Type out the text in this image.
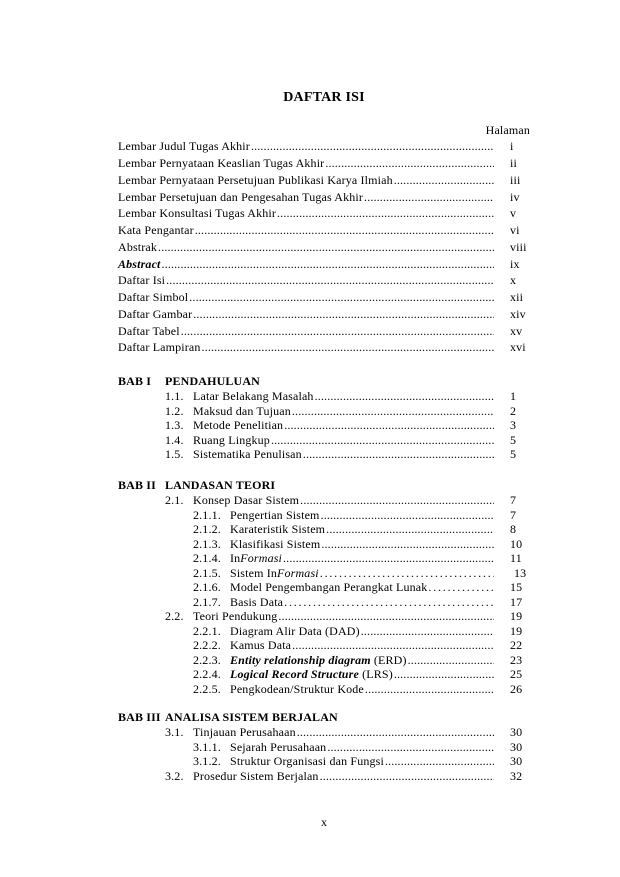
DAFTAR ISI
Halaman
Lembar Judul Tugas Akhir .....	i
Lembar Pernyataan Keaslian Tugas Akhir .....	ii
Lembar Pernyataan Persetujuan Publikasi Karya Ilmiah .....	iii
Lembar Persetujuan dan Pengesahan Tugas Akhir .....	iv
Lembar Konsultasi Tugas Akhir .....	v
Kata Pengantar .....	vi
Abstrak .....	viii
Abstract .....	ix
Daftar Isi .....	x
Daftar Simbol .....	xii
Daftar Gambar .....	xiv
Daftar Tabel .....	xv
Daftar Lampiran .....	xvi
BAB I	PENDAHULUAN
1.1. Latar Belakang Masalah .....	1
1.2. Maksud dan Tujuan .....	2
1.3. Metode Penelitian .....	3
1.4. Ruang Lingkup .....	5
1.5. Sistematika Penulisan .....	5
BAB II LANDASAN TEORI
2.1. Konsep Dasar Sistem .....	7
2.1.1. Pengertian Sistem .....	7
2.1.2. Karateristik Sistem .....	8
2.1.3. Klasifikasi Sistem .....	10
2.1.4. InFormasi .....	11
2.1.5. Sistem InFormasi .....	13
2.1.6. Model Pengembangan Perangkat Lunak .....	15
2.1.7. Basis Data .....	17
2.2. Teori Pendukung .....	19
2.2.1. Diagram Alir Data (DAD) .....	19
2.2.2. Kamus Data .....	22
2.2.3. Entity relationship diagram (ERD) .....	23
2.2.4. Logical Record Structure (LRS) .....	25
2.2.5. Pengkodean/Struktur Kode .....	26
BAB III ANALISA SISTEM BERJALAN
3.1. Tinjauan Perusahaan .....	30
3.1.1. Sejarah Perusahaan .....	30
3.1.2. Struktur Organisasi dan Fungsi .....	30
3.2. Prosedur Sistem Berjalan .....	32
x
